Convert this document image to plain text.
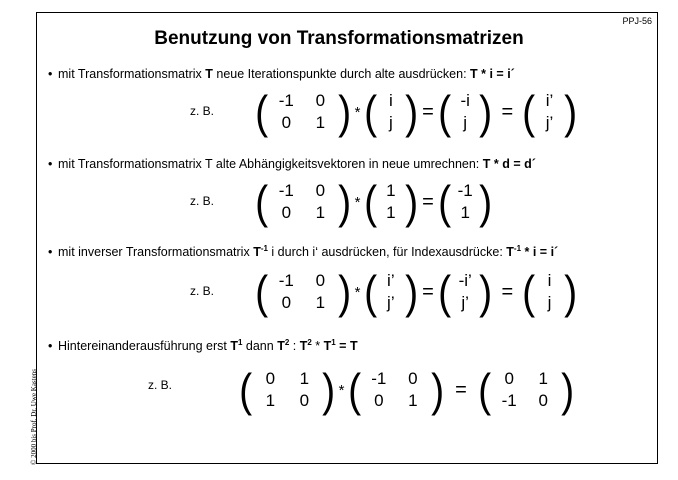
PPJ-56
© 2000 bis Prof. Dr. Uwe Kastens
Benutzung von Transformationsmatrizen
• mit Transformationsmatrix T neue Iterationspunkte durch alte ausdrücken: T * i = i´
z. B. ( -1 0
0 1 ) * ( i
j ) = ( -i
j ) = ( i’
j’ )
• mit Transformationsmatrix T alte Abhängigkeitsvektoren in neue umrechnen: T * d = d´
z. B. ( -1 0
0 1 ) * ( 1
1 ) = ( -1
1 )
• mit inverser Transformationsmatrix $T^{-1}$ i durch i‘ ausdrücken, für Indexausdrücke: $T^{-1}$ * i = i´
z. B. ( -1 0
0 1 ) * ( i’
j’ ) = ( -i’
j’ ) = ( i
j )
• Hintereinanderausführung erst $T^1$ dann $T^2$ : $T^2 * T^1 = T$
z. B. ( 0 1
1 0 ) * ( -1 0
0 1 ) = ( 0 1
-1 0 )
